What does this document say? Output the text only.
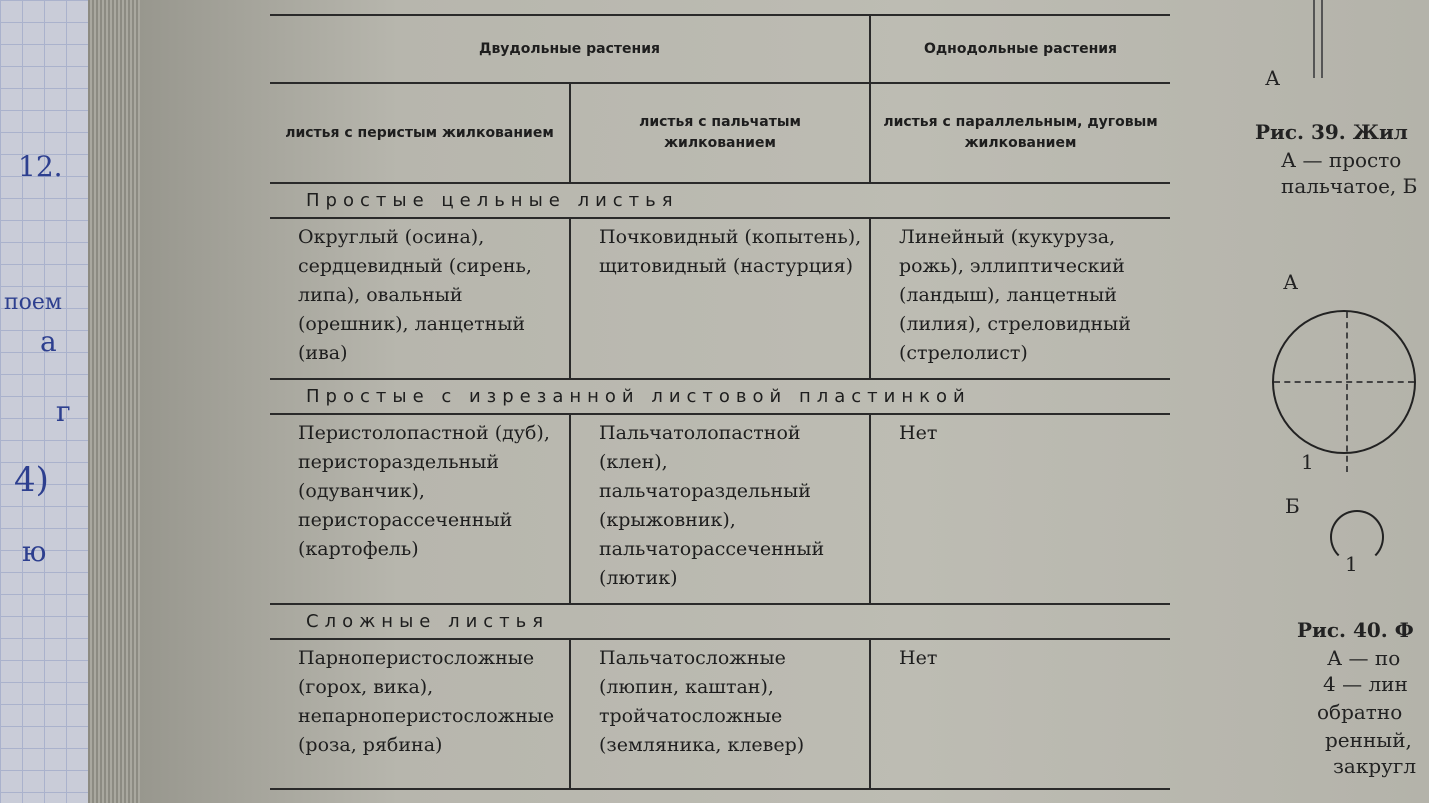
12.
поем
а
г
4)
ю
Двудольные растения		Однодольные растения
листья с перистым жилкованием	листья с пальчатым жилкованием	листья с параллельным, дуговым жилкованием
Простые цельные листья		
Округлый (осина), сердцевидный (сирень, липа), овальный (орешник), ланцетный (ива)	Почковидный (копытень), щитовидный (настурция)	Линейный (кукуруза, рожь), эллиптический (ландыш), ланцетный (лилия), стреловидный (стрелолист)
Простые с изрезанной листовой пластинкой		
Перистолопастной (дуб), перистораздельный (одуванчик), перисторассеченный (картофель)	Пальчатолопастной (клен), пальчатораздельный (крыжовник), пальчаторассеченный (лютик)	Нет
Сложные листья		
Парноперистосложные (горох, вика), непарноперистосложные (роза, рябина)	Пальчатосложные (люпин, каштан), тройчатосложные (земляника, клевер)	Нет
А
Рис. 39. Жил
А — просто
пальчатое, Б
А
1
Б
1
Рис. 40. Ф
А — по
4 — лин
обратно
ренный,
закругл
